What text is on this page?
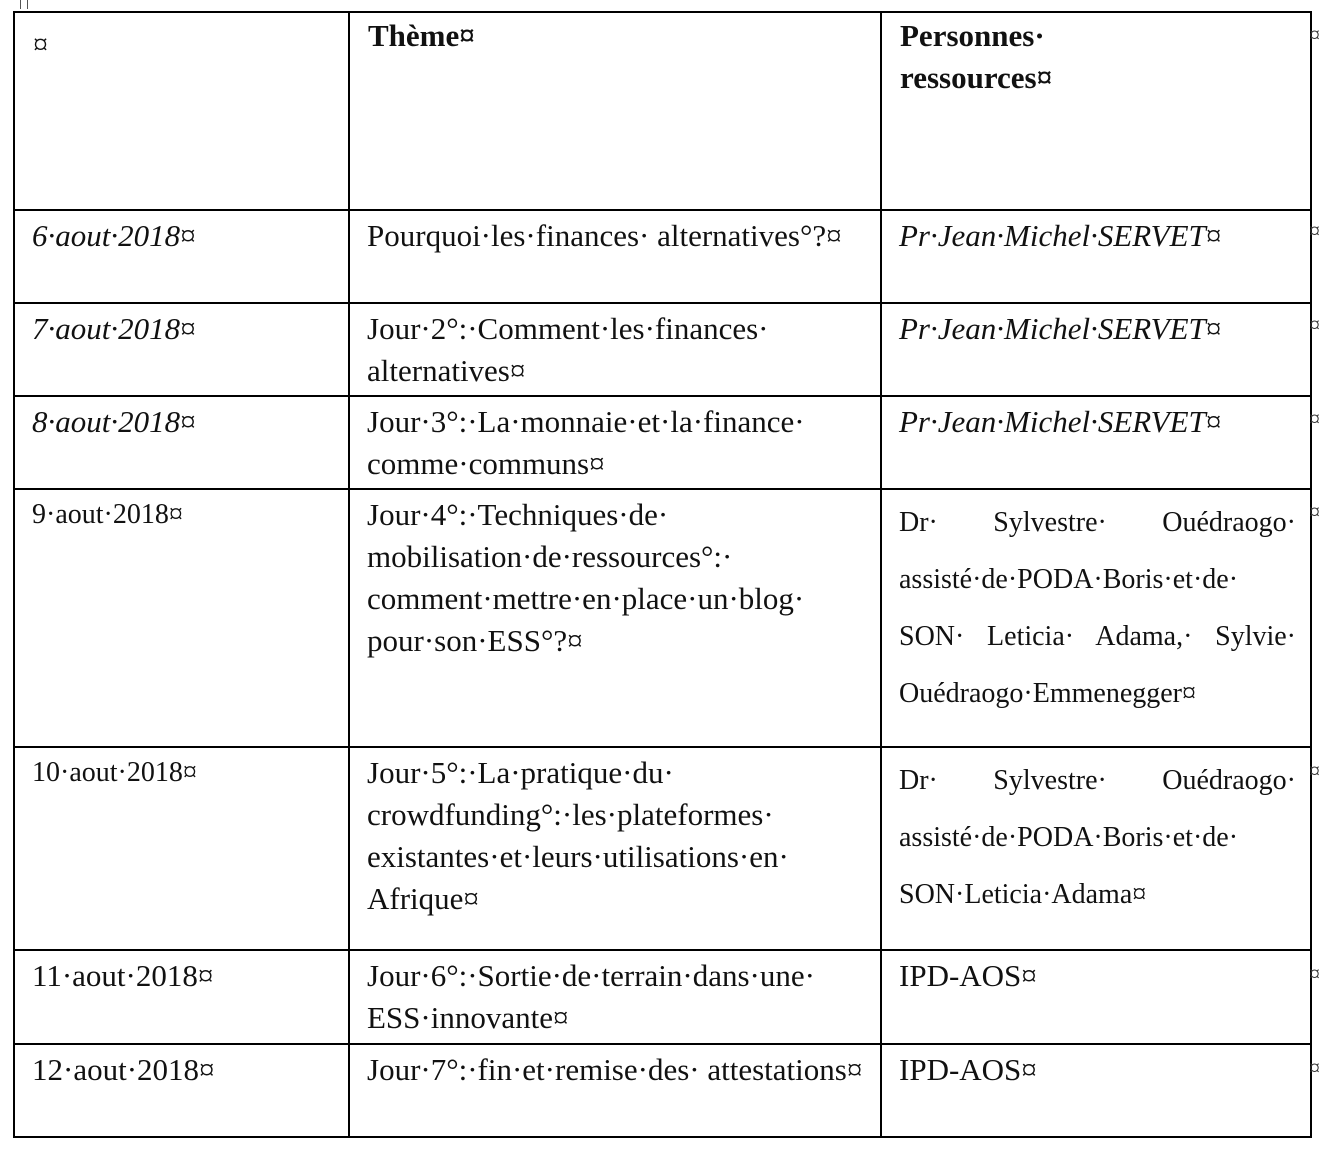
¤	Thème¤	Personnes·
ressources¤

6·aout·2018¤	Pourquoi·les·finances· alternatives°?¤	Pr·Jean·Michel·SERVET¤

7·aout·2018¤	Jour·2°:·Comment·les·finances· alternatives¤	Pr·Jean·Michel·SERVET¤

8·aout·2018¤	Jour·3°:·La·monnaie·et·la·finance· comme·communs¤	Pr·Jean·Michel·SERVET¤

9·aout·2018¤	Jour·4°:·Techniques·de· mobilisation·de·ressources°:· comment·mettre·en·place·un·blog· pour·son·ESS°?¤	Dr· Sylvestre· Ouédraogo· assisté·de·PODA·Boris·et·de· SON· Leticia· Adama,· Sylvie· Ouédraogo·Emmenegger¤

10·aout·2018¤	Jour·5°:·La·pratique·du· crowdfunding°:·les·plateformes· existantes·et·leurs·utilisations·en· Afrique¤	Dr· Sylvestre· Ouédraogo· assisté·de·PODA·Boris·et·de· SON·Leticia·Adama¤

11·aout·2018¤	Jour·6°:·Sortie·de·terrain·dans·une· ESS·innovante¤	IPD-AOS¤

12·aout·2018¤	Jour·7°:·fin·et·remise·des· attestations¤	IPD-AOS¤
¤
¤
¤
¤
¤
¤
¤
¤
